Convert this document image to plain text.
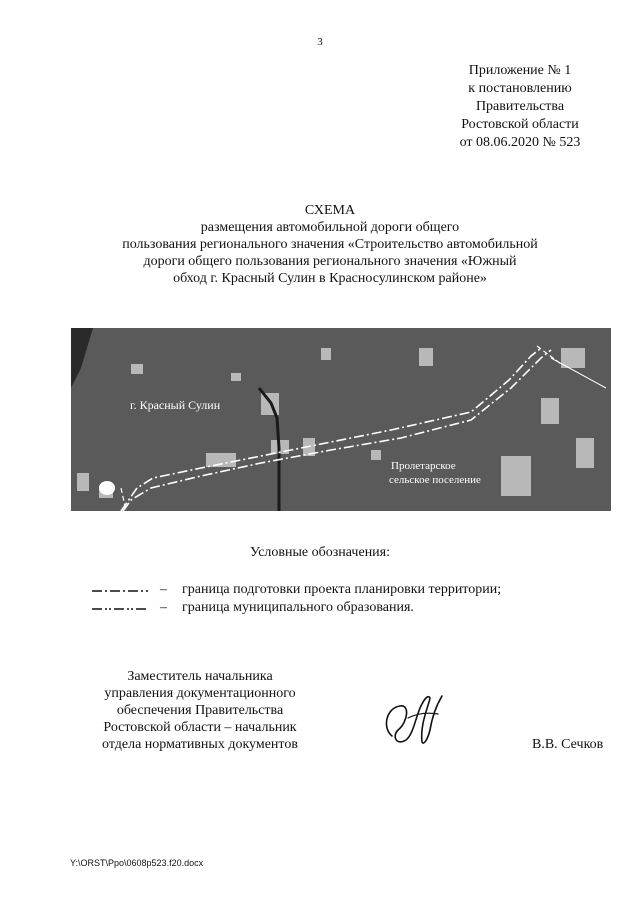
3
Приложение № 1
к постановлению
Правительства
Ростовской области
от 08.06.2020 № 523
СХЕМА
размещения автомобильной дороги общего
пользования регионального значения «Строительство автомобильной
дороги общего пользования регионального значения «Южный
обход г. Красный Сулин в Красносулинском районе»
г. Красный Сулин
Пролетарское
сельское поселение
Условные обозначения:
– граница подготовки проекта планировки территории;
– граница муниципального образования.
Заместитель начальника
управления документационного
обеспечения Правительства
Ростовской области – начальник
отдела нормативных документов	В.В. Сечков
Y:\ORST\Ppo\0608p523.f20.docx
